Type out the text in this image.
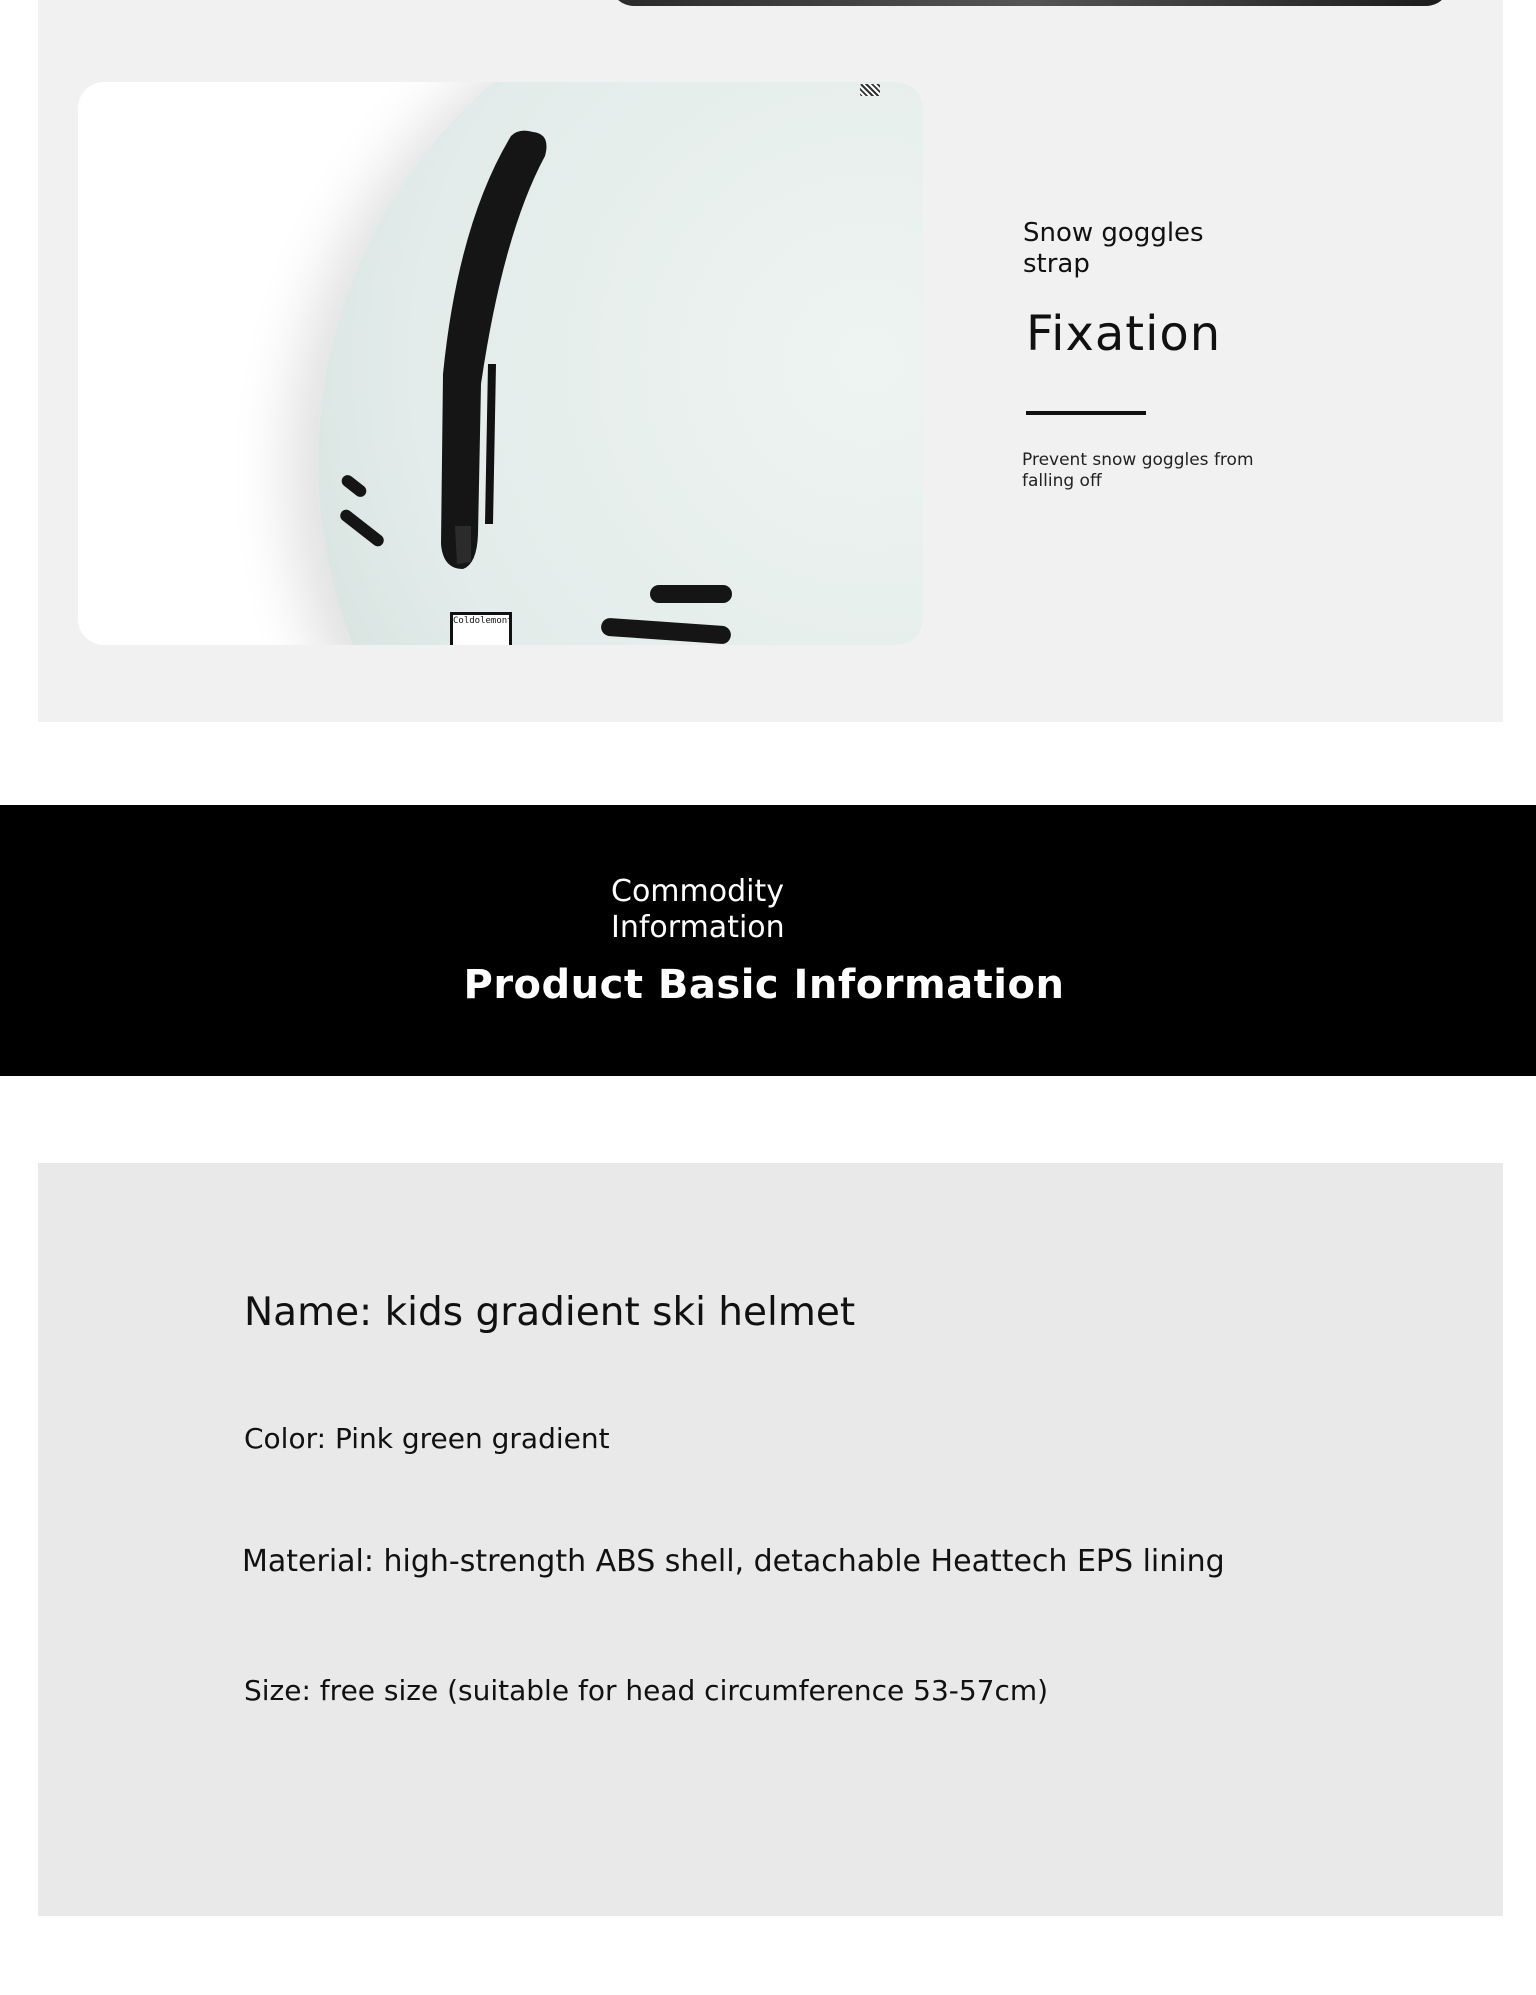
Coldolemont
Snow goggles strap
Fixation
Prevent snow goggles from falling off
Commodity Information
Product Basic Information
Name: kids gradient ski helmet
Color: Pink green gradient
Material: high-strength ABS shell, detachable Heattech EPS lining
Size: free size (suitable for head circumference 53-57cm)
